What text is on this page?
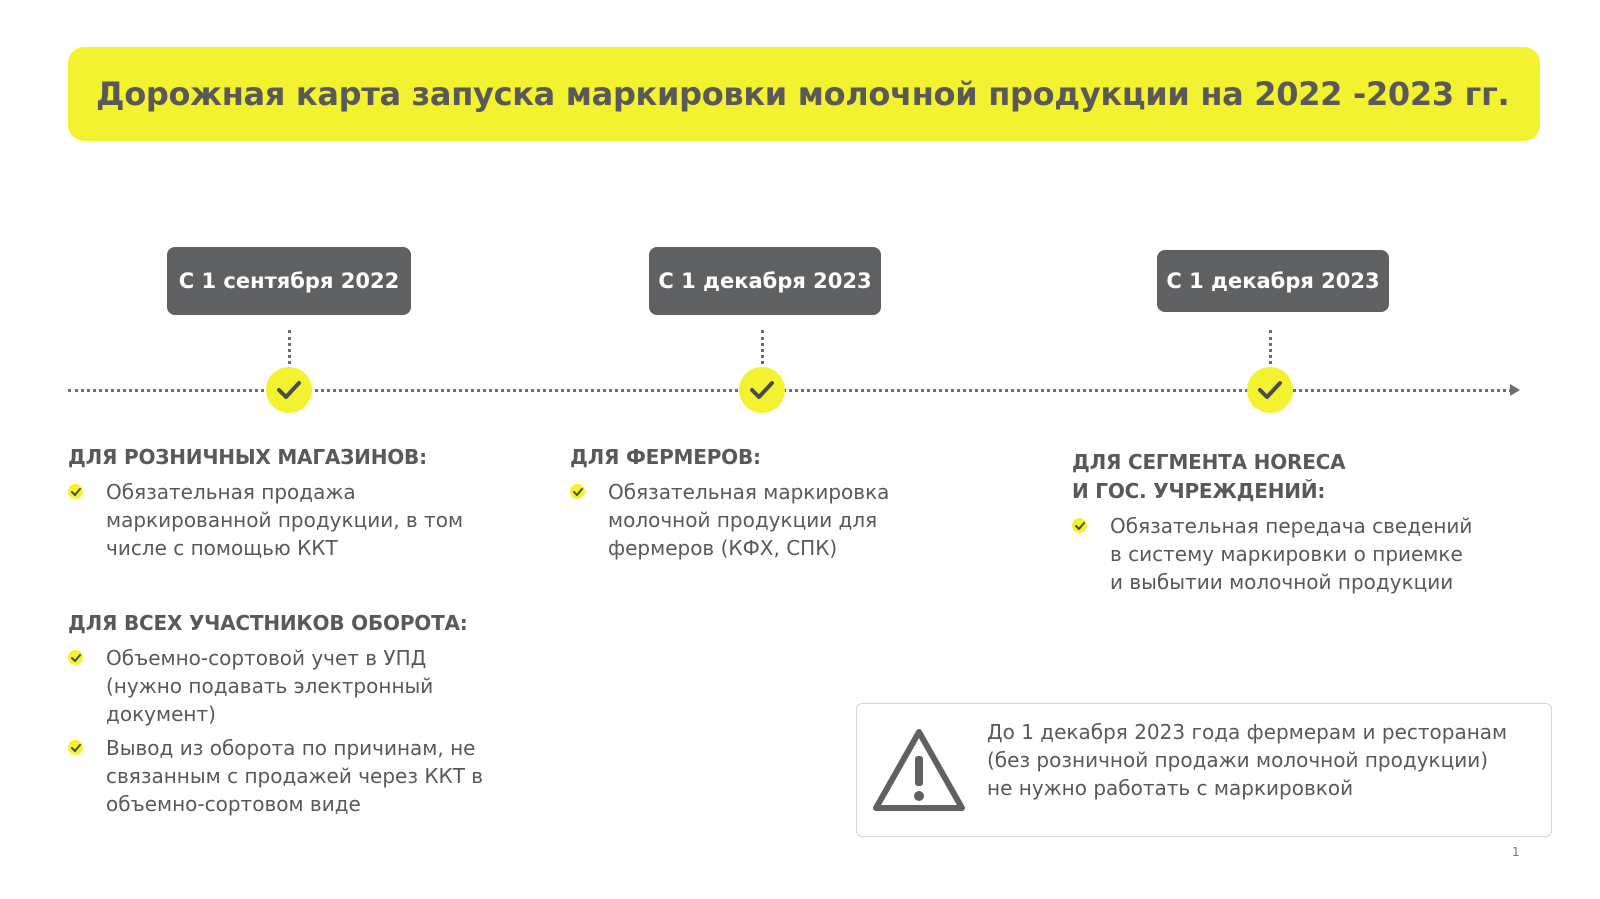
Дорожная карта запуска маркировки молочной продукции на 2022 -2023 гг.
С 1 сентября 2022	С 1 декабря 2023	С 1 декабря 2023
ДЛЯ РОЗНИЧНЫХ МАГАЗИНОВ:
Обязательная продажа
маркированной продукции, в том
числе с помощью ККТ
ДЛЯ ВСЕХ УЧАСТНИКОВ ОБОРОТА:
Объемно-сортовой учет в УПД
(нужно подавать электронный
документ)
Вывод из оборота по причинам, не
связанным с продажей через ККТ в
объемно-сортовом виде
ДЛЯ ФЕРМЕРОВ:
Обязательная маркировка
молочной продукции для
фермеров (КФХ, СПК)
ДЛЯ СЕГМЕНТА HORECA
И ГОС. УЧРЕЖДЕНИЙ:
Обязательная передача сведений
в систему маркировки о приемке
и выбытии молочной продукции
До 1 декабря 2023 года фермерам и ресторанам
(без розничной продажи молочной продукции)
не нужно работать с маркировкой
1
